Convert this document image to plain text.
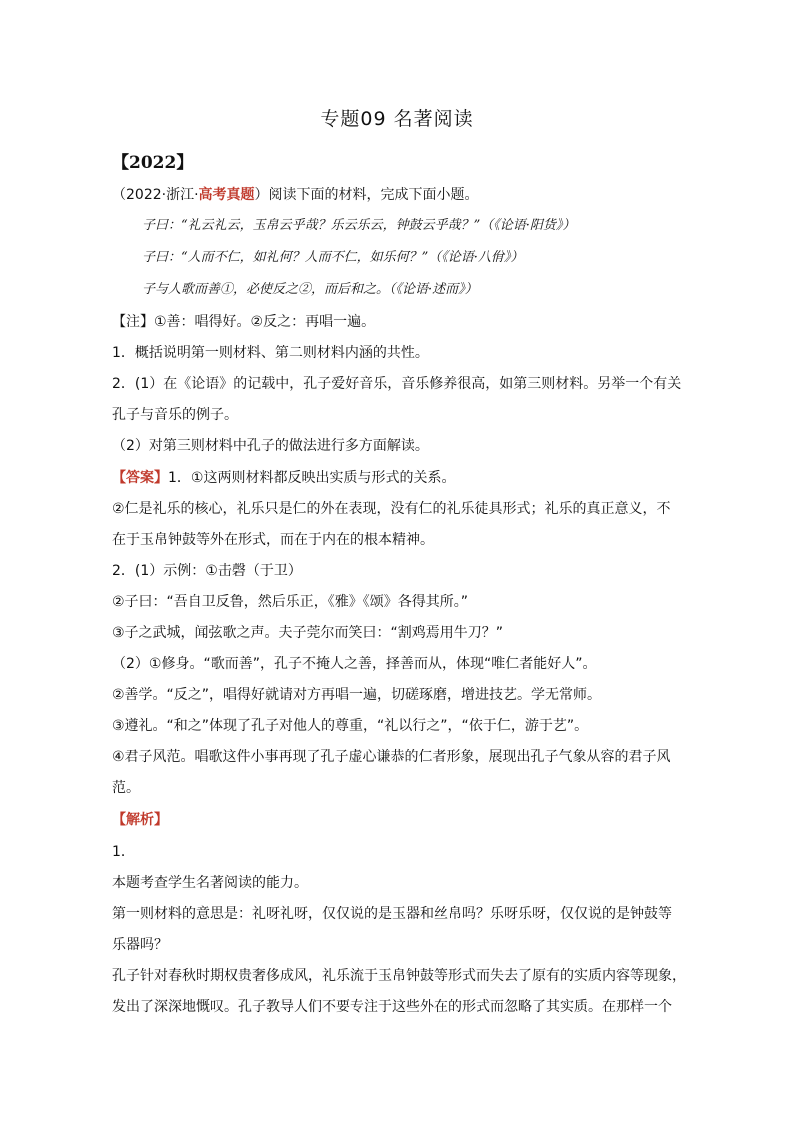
专题09 名著阅读
【2022】
（2022·浙江·高考真题）阅读下面的材料，完成下面小题。
子曰：“礼云礼云，玉帛云乎哉？乐云乐云，钟鼓云乎哉？”（《论语·阳货》）
子曰：“人而不仁，如礼何？人而不仁，如乐何？”（《论语·八佾》）
子与人歌而善①，必使反之②，而后和之。（《论语·述而》）
【注】①善：唱得好。②反之：再唱一遍。
1．概括说明第一则材料、第二则材料内涵的共性。
2．(1）在《论语》的记载中，孔子爱好音乐，音乐修养很高，如第三则材料。另举一个有关
孔子与音乐的例子。
（2）对第三则材料中孔子的做法进行多方面解读。
【答案】1．①这两则材料都反映出实质与形式的关系。
②仁是礼乐的核心，礼乐只是仁的外在表现，没有仁的礼乐徒具形式；礼乐的真正意义，不
在于玉帛钟鼓等外在形式，而在于内在的根本精神。
2．(1）示例：①击磬（于卫）
②子曰：“吾自卫反鲁，然后乐正，《雅》《颂》各得其所。”
③子之武城，闻弦歌之声。夫子莞尔而笑曰：“割鸡焉用牛刀？”
（2）①修身。“歌而善”，孔子不掩人之善，择善而从，体现“唯仁者能好人”。
②善学。“反之”，唱得好就请对方再唱一遍，切磋琢磨，增进技艺。学无常师。
③遵礼。“和之”体现了孔子对他人的尊重，“礼以行之”，“依于仁，游于艺”。
④君子风范。唱歌这件小事再现了孔子虚心谦恭的仁者形象，展现出孔子气象从容的君子风
范。
【解析】
1．
本题考查学生名著阅读的能力。
第一则材料的意思是：礼呀礼呀，仅仅说的是玉器和丝帛吗？乐呀乐呀，仅仅说的是钟鼓等
乐器吗？
孔子针对春秋时期权贵奢侈成风，礼乐流于玉帛钟鼓等形式而失去了原有的实质内容等现象，
发出了深深地慨叹。孔子教导人们不要专注于这些外在的形式而忽略了其实质。在那样一个
